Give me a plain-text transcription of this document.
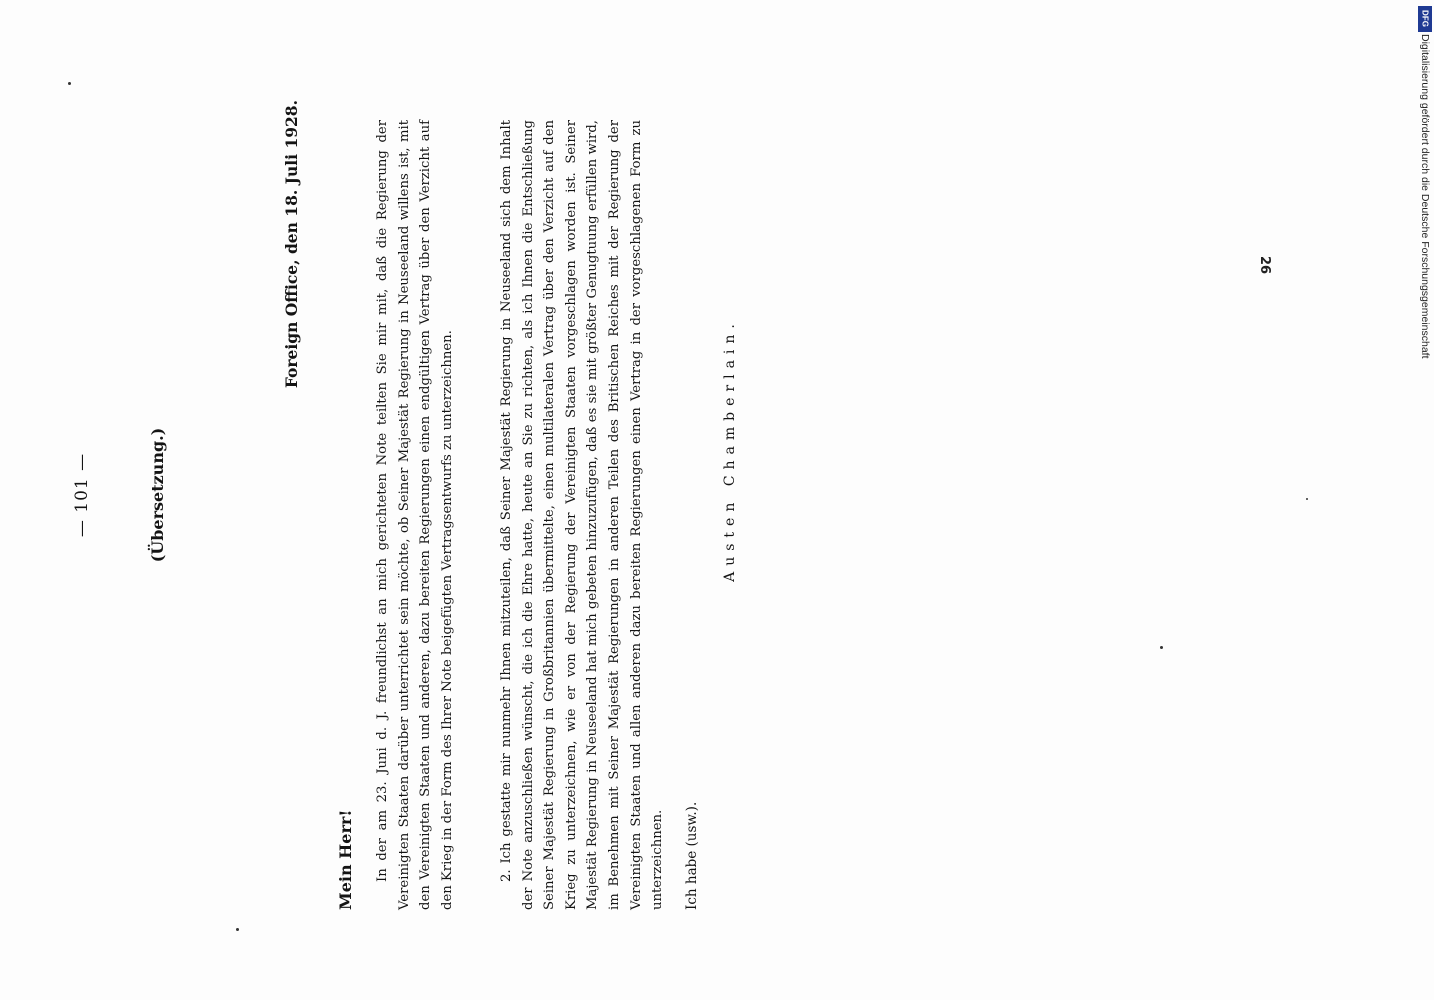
— 101 —	(Übersetzung.)

Foreign Office, den 18. Juli 1928.

Mein Herr! In der am 23. Juni d. J. freundlichst an mich gerichteten Note teilten Sie mir mit, daß die Regierung der Vereinigten Staaten darüber unterrichtet sein möchte, ob Seiner Majestät Regierung in Neuseeland willens ist, mit den Vereinigten Staaten und anderen, dazu bereiten Regierungen einen endgültigen Vertrag über den Verzicht auf den Krieg in der Form des Ihrer Note beigefügten Vertragsentwurfs zu unterzeichnen.	2. Ich gestatte mir nunmehr Ihnen mitzuteilen, daß Seiner Majestät Regierung in Neuseeland sich dem Inhalt der Note anzuschließen wünscht, die ich die Ehre hatte, heute an Sie zu richten, als ich Ihnen die Entschließung Seiner Majestät Regierung in Großbritannien übermittelte, einen multilateralen Vertrag über den Verzicht auf den Krieg zu unterzeichnen, wie er von der Regierung der Vereinigten Staaten vorgeschlagen worden ist. Seiner Majestät Regierung in Neuseeland hat mich gebeten hinzuzufügen, daß es sie mit größter Genugtuung erfüllen wird, im Benehmen mit Seiner Majestät Regierungen in anderen Teilen des Britischen Reiches mit der Regierung der Vereinigten Staaten und allen anderen dazu bereiten Regierungen einen Vertrag in der vorgeschlagenen Form zu unterzeichnen. Ich habe (usw.).

Austen Chamberlain.

26

DFG

Digitalisierung gefördert durch die Deutsche Forschungsgemeinschaft
